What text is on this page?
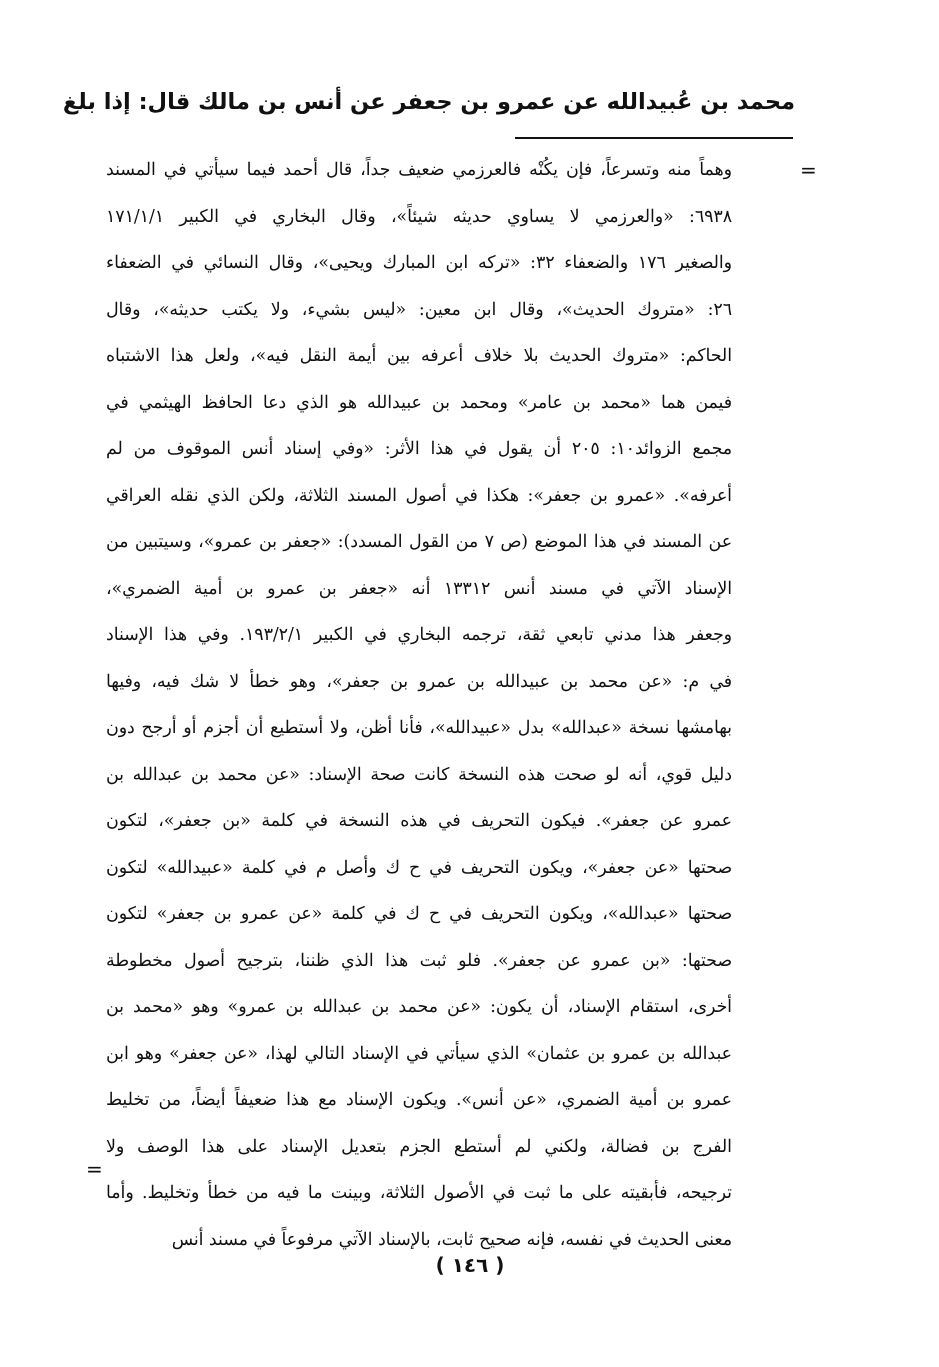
محمد بن عُبيدالله عن عمرو بن جعفر عن أنس بن مالك قال: إذا بلغ
=
وهماً منه وتسرعاً، فإن يكُنْه فالعرزمي ضعيف جداً، قال أحمد فيما سيأتي في المسند
٦٩٣٨: «والعرزمي لا يساوي حديثه شيئاً»، وقال البخاري في الكبير ١٧١/١/١
والصغير ١٧٦ والضعفاء ٣٢: «تركه ابن المبارك ويحيى»، وقال النسائي في الضعفاء
٢٦: «متروك الحديث»، وقال ابن معين: «ليس بشيء، ولا يكتب حديثه»، وقال
الحاكم: «متروك الحديث بلا خلاف أعرفه بين أيمة النقل فيه»، ولعل هذا الاشتباه
فيمن هما «محمد بن عامر» ومحمد بن عبيدالله هو الذي دعا الحافظ الهيثمي في
مجمع الزوائد١٠: ٢٠٥ أن يقول في هذا الأثر: «وفي إسناد أنس الموقوف من لم
أعرفه». «عمرو بن جعفر»: هكذا في أصول المسند الثلاثة، ولكن الذي نقله العراقي
عن المسند في هذا الموضع (ص ٧ من القول المسدد): «جعفر بن عمرو»، وسيتبين من
الإسناد الآتي في مسند أنس ١٣٣١٢ أنه «جعفر بن عمرو بن أمية الضمري»،
وجعفر هذا مدني تابعي ثقة، ترجمه البخاري في الكبير ١٩٣/٢/١. وفي هذا الإسناد
في م: «عن محمد بن عبيدالله بن عمرو بن جعفر»، وهو خطأ لا شك فيه، وفيها
بهامشها نسخة «عبدالله» بدل «عبيدالله»، فأنا أظن، ولا أستطيع أن أجزم أو أرجح دون
دليل قوي، أنه لو صحت هذه النسخة كانت صحة الإسناد: «عن محمد بن عبدالله بن
عمرو عن جعفر». فيكون التحريف في هذه النسخة في كلمة «بن جعفر»، لتكون
صحتها «عن جعفر»، ويكون التحريف في ح ك وأصل م في كلمة «عبيدالله» لتكون
صحتها «عبدالله»، ويكون التحريف في ح ك في كلمة «عن عمرو بن جعفر» لتكون
صحتها: «بن عمرو عن جعفر». فلو ثبت هذا الذي ظننا، بترجيح أصول مخطوطة
أخرى، استقام الإسناد، أن يكون: «عن محمد بن عبدالله بن عمرو» وهو «محمد بن
عبدالله بن عمرو بن عثمان» الذي سيأتي في الإسناد التالي لهذا، «عن جعفر» وهو ابن
عمرو بن أمية الضمري، «عن أنس». ويكون الإسناد مع هذا ضعيفاً أيضاً، من تخليط
الفرج بن فضالة، ولكني لم أستطع الجزم بتعديل الإسناد على هذا الوصف ولا
ترجيحه، فأبقيته على ما ثبت في الأصول الثلاثة، وبينت ما فيه من خطأ وتخليط. وأما
معنى الحديث في نفسه، فإنه صحيح ثابت، بالإسناد الآتي مرفوعاً في مسند أنس
=
( ١٤٦ )
